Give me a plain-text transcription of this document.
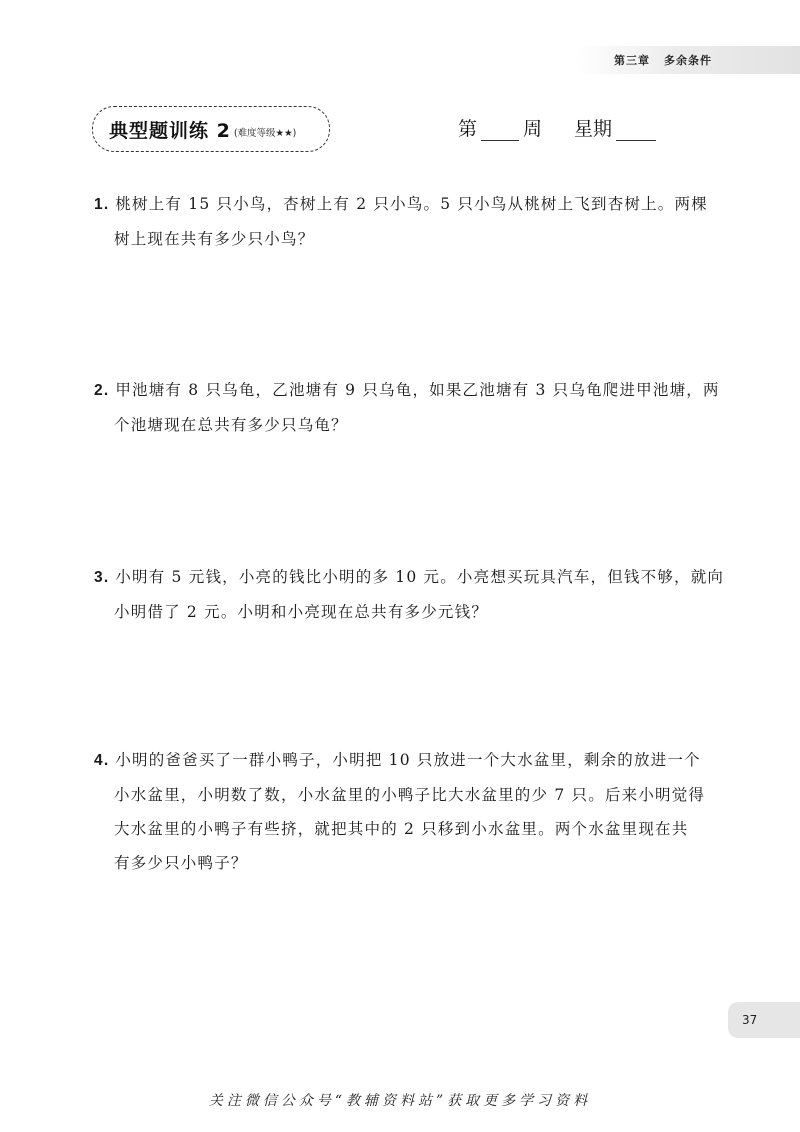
第三章 多余条件
典型题训练 2 (难度等级★★)	第 周 星期
1. 桃树上有 15 只小鸟，杏树上有 2 只小鸟。5 只小鸟从桃树上飞到杏树上。两棵
树上现在共有多少只小鸟？
2. 甲池塘有 8 只乌龟，乙池塘有 9 只乌龟，如果乙池塘有 3 只乌龟爬进甲池塘，两
个池塘现在总共有多少只乌龟？
3. 小明有 5 元钱，小亮的钱比小明的多 10 元。小亮想买玩具汽车，但钱不够，就向
小明借了 2 元。小明和小亮现在总共有多少元钱？
4. 小明的爸爸买了一群小鸭子，小明把 10 只放进一个大水盆里，剩余的放进一个
小水盆里，小明数了数，小水盆里的小鸭子比大水盆里的少 7 只。后来小明觉得
大水盆里的小鸭子有些挤，就把其中的 2 只移到小水盆里。两个水盆里现在共
有多少只小鸭子？
37
关注微信公众号“教辅资料站”获取更多学习资料
